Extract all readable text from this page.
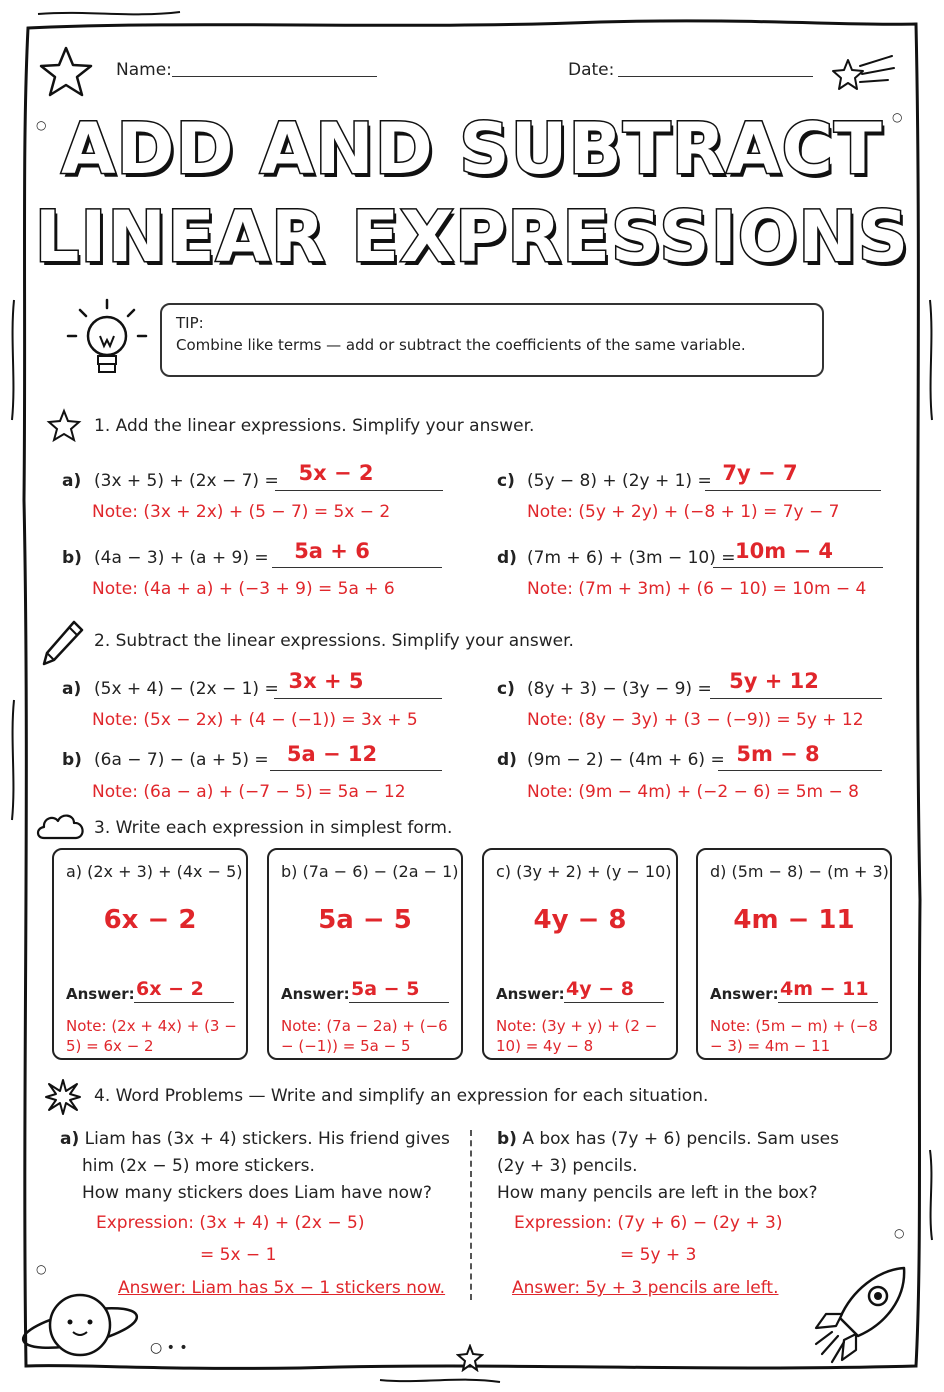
Name:	Date:
ADD AND SUBTRACT
LINEAR EXPRESSIONS
TIP:
Combine like terms — add or subtract the coefficients of the same variable.
1. Add the linear expressions. Simplify your answer.
a) (3x + 5) + (2x − 7) = 5x − 2
Note: (3x + 2x) + (5 − 7) = 5x − 2
b) (4a − 3) + (a + 9) =	5a + 6
Note: (4a + a) + (−3 + 9) = 5a + 6
c) (5y − 8) + (2y + 1) = 7y − 7
Note: (5y + 2y) + (−8 + 1) = 7y − 7
d) (7m + 6) + (3m − 10) = 10m − 4
Note: (7m + 3m) + (6 − 10) = 10m − 4
2. Subtract the linear expressions. Simplify your answer.
a) (5x + 4) − (2x − 1) = 3x + 5
Note: (5x − 2x) + (4 − (−1)) = 3x + 5
b) (6a − 7) − (a + 5) = 5a − 12
Note: (6a − a) + (−7 − 5) = 5a − 12
c) (8y + 3) − (3y − 9) = 5y + 12
Note: (8y − 3y) + (3 − (−9)) = 5y + 12
d) (9m − 2) − (4m + 6) = 5m − 8
Note: (9m − 4m) + (−2 − 6) = 5m − 8
3. Write each expression in simplest form.
a) (2x + 3) + (4x − 5)
6x − 2
Answer: 6x − 2
Note: (2x + 4x) + (3 − 5) = 6x − 2
b) (7a − 6) − (2a − 1)
5a − 5
Answer: 5a − 5
Note: (7a − 2a) + (−6 − (−1)) = 5a − 5
c) (3y + 2) + (y − 10)
4y − 8
Answer: 4y − 8
Note: (3y + y) + (2 − 10) = 4y − 8
d) (5m − 8) − (m + 3)
4m − 11
Answer: 4m − 11
Note: (5m − m) + (−8 − 3) = 4m − 11
4. Word Problems — Write and simplify an expression for each situation.
a) Liam has (3x + 4) stickers. His friend gives
him (2x − 5) more stickers.
How many stickers does Liam have now?
Expression: (3x + 4) + (2x − 5)
= 5x − 1
Answer: Liam has 5x − 1 stickers now.
b) A box has (7y + 6) pencils. Sam uses
(2y + 3) pencils.
How many pencils are left in the box?
Expression: (7y + 6) − (2y + 3)
= 5y + 3
Answer: 5y + 3 pencils are left.
○ • •
○
○
○
○
